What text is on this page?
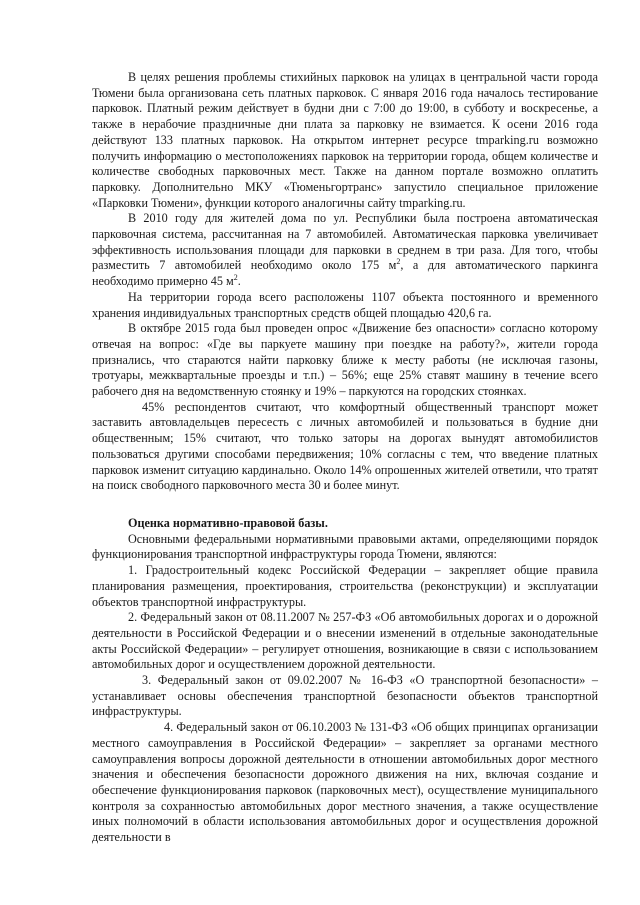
В целях решения проблемы стихийных парковок на улицах в центральной части города Тюмени была организована сеть платных парковок. С января 2016 года началось тестирование парковок. Платный режим действует в будни дни с 7:00 до 19:00, в субботу и воскресенье, а также в нерабочие праздничные дни плата за парковку не взимается. К осени 2016 года действуют 133 платных парковок. На открытом интернет ресурсе tmparking.ru возможно получить информацию о местоположениях парковок на территории города, общем количестве и количестве свободных парковочных мест. Также на данном портале возможно оплатить парковку. Дополнительно МКУ «Тюменьгортранс» запустило специальное приложение «Парковки Тюмени», функции которого аналогичны сайту tmparking.ru.

В 2010 году для жителей дома по ул. Республики была построена автоматическая парковочная система, рассчитанная на 7 автомобилей. Автоматическая парковка увеличивает эффективность использования площади для парковки в среднем в три раза. Для того, чтобы разместить 7 автомобилей необходимо около 175 $м^2$, а для автоматического паркинга необходимо примерно 45 $м^2$.

На территории города всего расположены 1107 объекта постоянного и временного хранения индивидуальных транспортных средств общей площадью 420,6 га.

В октябре 2015 года был проведен опрос «Движение без опасности» согласно которому отвечая на вопрос: «Где вы паркуете машину при поездке на работу?», жители города признались, что стараются найти парковку ближе к месту работы (не исключая газоны, тротуары, межквартальные проезды и т.п.) – 56%; еще 25% ставят машину в течение всего рабочего дня на ведомственную стоянку и 19% – паркуются на городских стоянках.

45% респондентов считают, что комфортный общественный транспорт может заставить автовладельцев пересесть с личных автомобилей и пользоваться в будние дни общественным; 15% считают, что только заторы на дорогах вынудят автомобилистов пользоваться другими способами передвижения; 10% согласны с тем, что введение платных парковок изменит ситуацию кардинально. Около 14% опрошенных жителей ответили, что тратят на поиск свободного парковочного места 30 и более минут.

Оценка нормативно-правовой базы.

Основными федеральными нормативными правовыми актами, определяющими порядок функционирования транспортной инфраструктуры города Тюмени, являются:

1. Градостроительный кодекс Российской Федерации – закрепляет общие правила планирования размещения, проектирования, строительства (реконструкции) и эксплуатации объектов транспортной инфраструктуры.

2. Федеральный закон от 08.11.2007 № 257-ФЗ «Об автомобильных дорогах и о дорожной деятельности в Российской Федерации и о внесении изменений в отдельные законодательные акты Российской Федерации» – регулирует отношения, возникающие в связи с использованием автомобильных дорог и осуществлением дорожной деятельности.

3. Федеральный закон от 09.02.2007 № 16-ФЗ «О транспортной безопасности» – устанавливает основы обеспечения транспортной безопасности объектов транспортной инфраструктуры.

4. Федеральный закон от 06.10.2003 № 131-ФЗ «Об общих принципах организации местного самоуправления в Российской Федерации» – закрепляет за органами местного самоуправления вопросы дорожной деятельности в отношении автомобильных дорог местного значения и обеспечения безопасности дорожного движения на них, включая создание и обеспечение функционирования парковок (парковочных мест), осуществление муниципального контроля за сохранностью автомобильных дорог местного значения, а также осуществление иных полномочий в области использования автомобильных дорог и осуществления дорожной деятельности в
